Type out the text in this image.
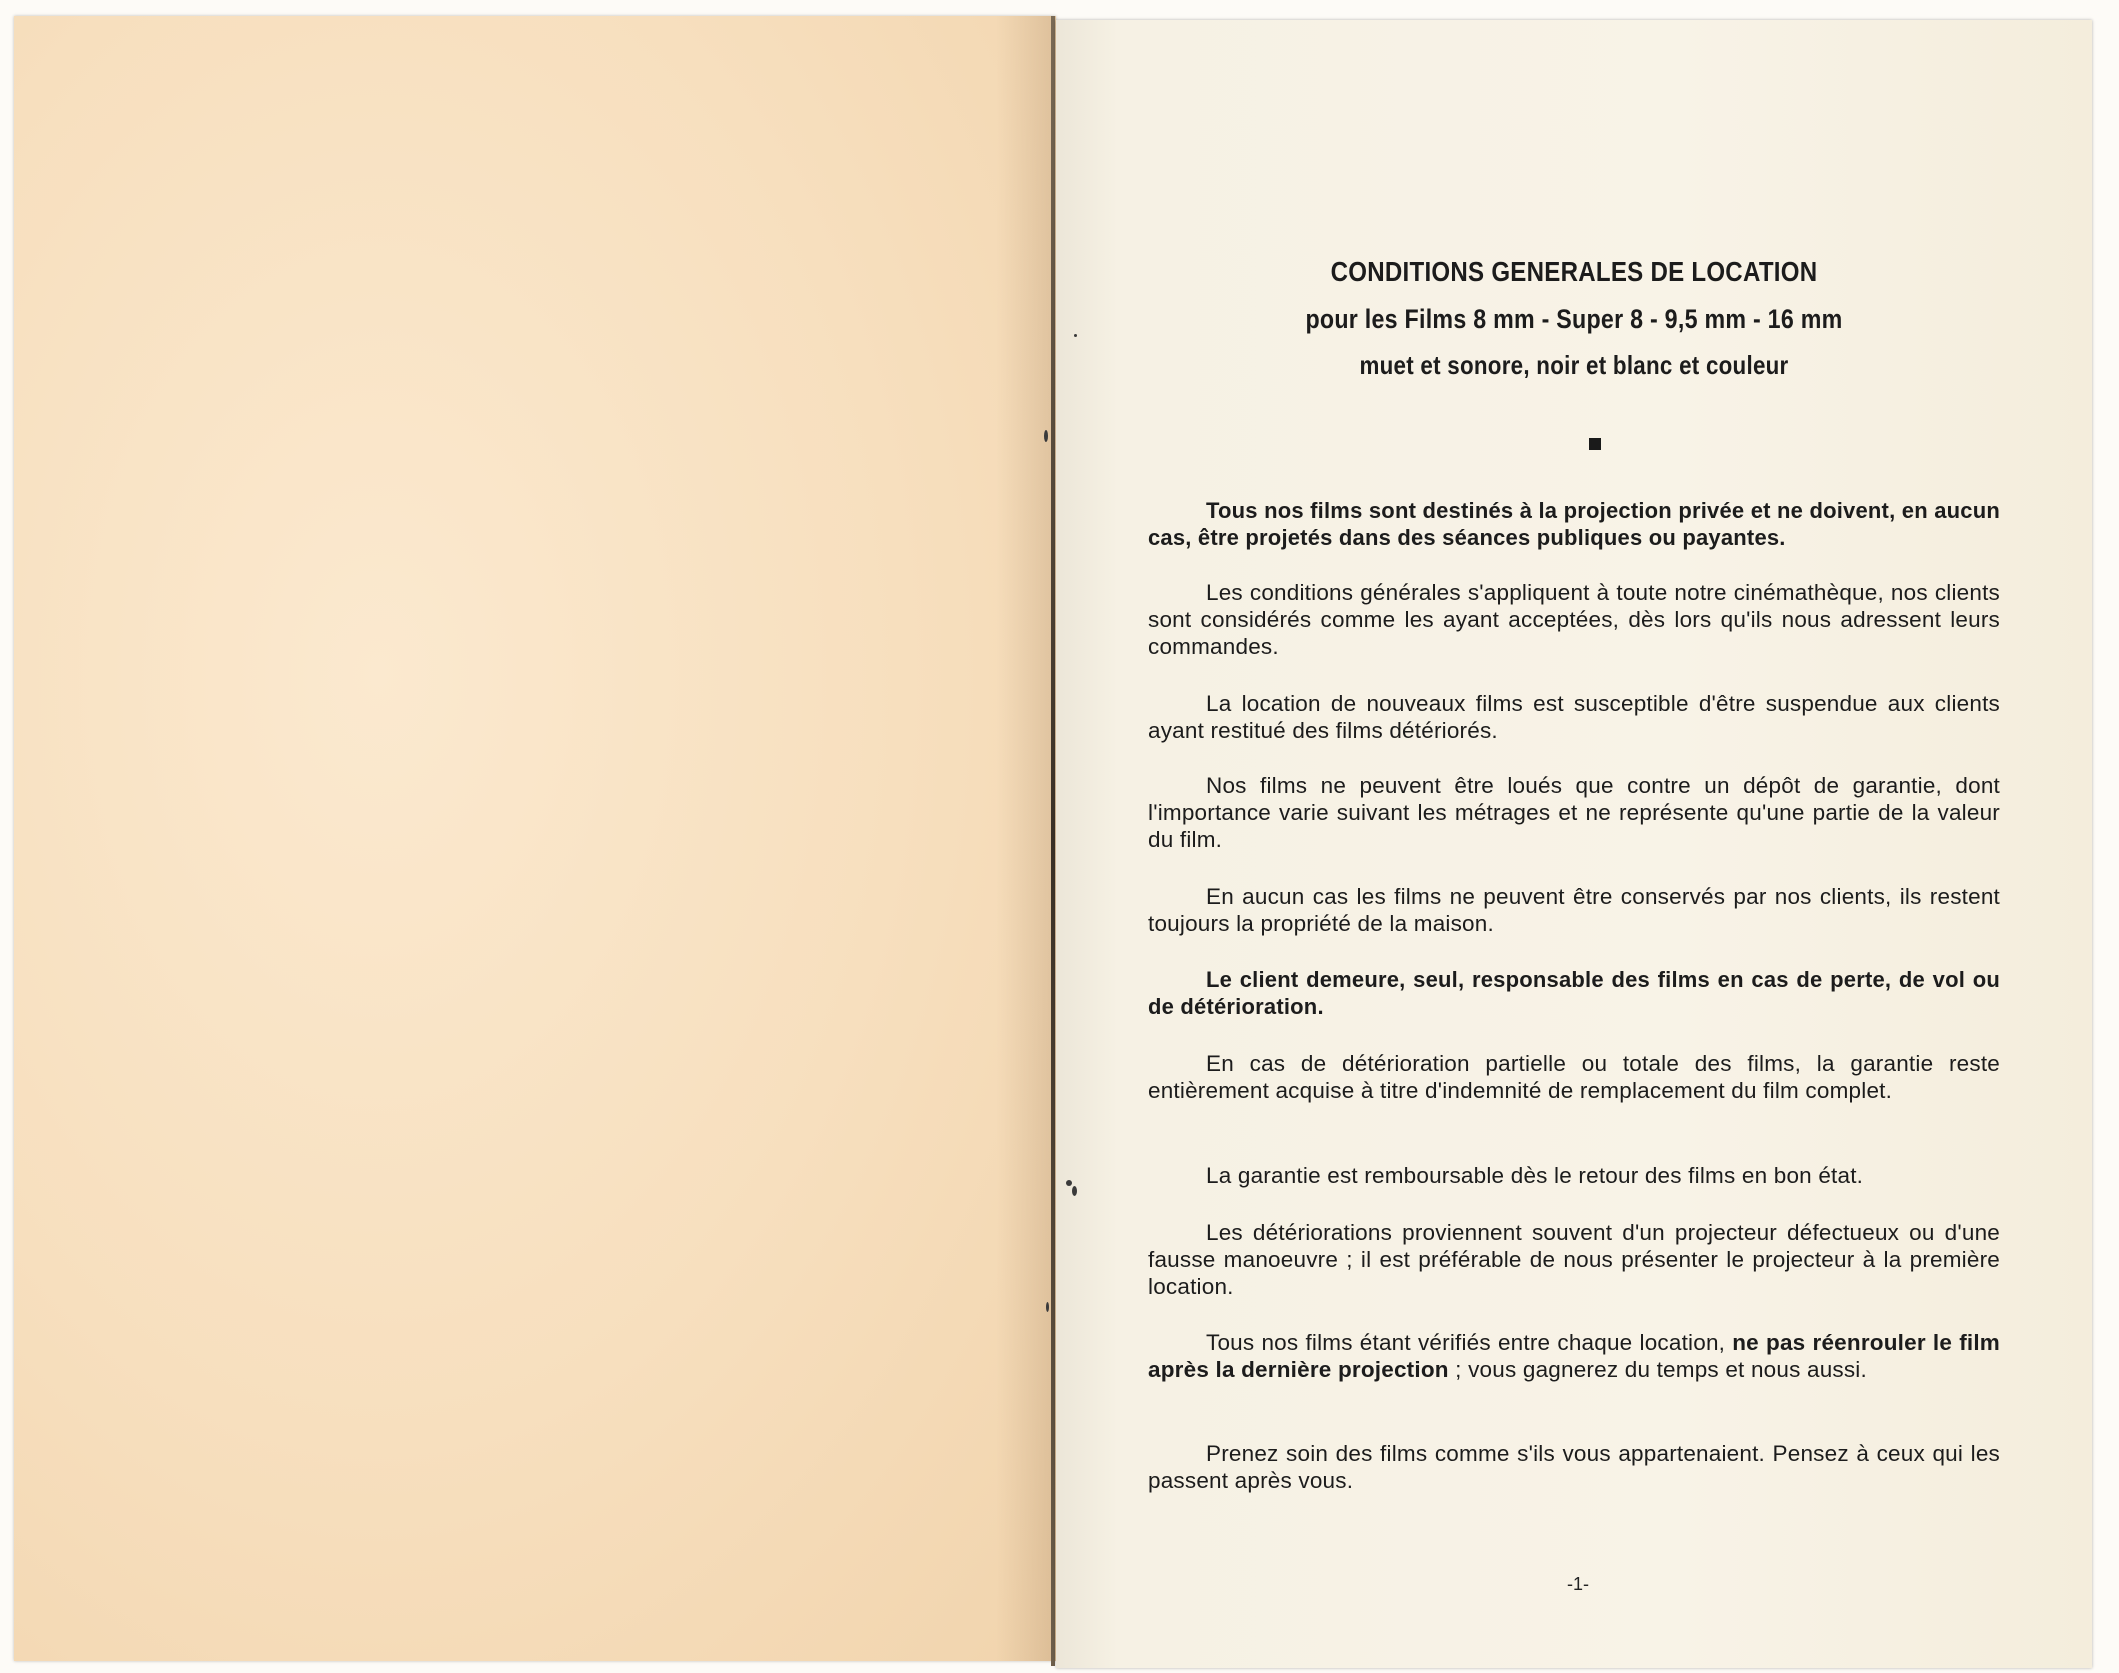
CONDITIONS GENERALES DE LOCATION
pour les Films 8 mm - Super 8 - 9,5 mm - 16 mm
muet et sonore, noir et blanc et couleur

Tous nos films sont destinés à la projection privée et ne doivent, en aucun cas, être projetés dans des séances publiques ou payantes.

Les conditions générales s'appliquent à toute notre cinémathèque, nos clients sont considérés comme les ayant acceptées, dès lors qu'ils nous adressent leurs commandes.

La location de nouveaux films est susceptible d'être suspendue aux clients ayant restitué des films détériorés.

Nos films ne peuvent être loués que contre un dépôt de garantie, dont l'importance varie suivant les métrages et ne représente qu'une partie de la valeur du film.

En aucun cas les films ne peuvent être conservés par nos clients, ils restent toujours la propriété de la maison.

Le client demeure, seul, responsable des films en cas de perte, de vol ou de détérioration.

En cas de détérioration partielle ou totale des films, la garantie reste entièrement acquise à titre d'indemnité de remplacement du film complet.

La garantie est remboursable dès le retour des films en bon état.

Les détériorations proviennent souvent d'un projecteur défectueux ou d'une fausse manoeuvre ; il est préférable de nous présenter le projecteur à la première location.

Tous nos films étant vérifiés entre chaque location, ne pas réenrouler le film après la dernière projection ; vous gagnerez du temps et nous aussi.

Prenez soin des films comme s'ils vous appartenaient. Pensez à ceux qui les passent après vous.

-1-
